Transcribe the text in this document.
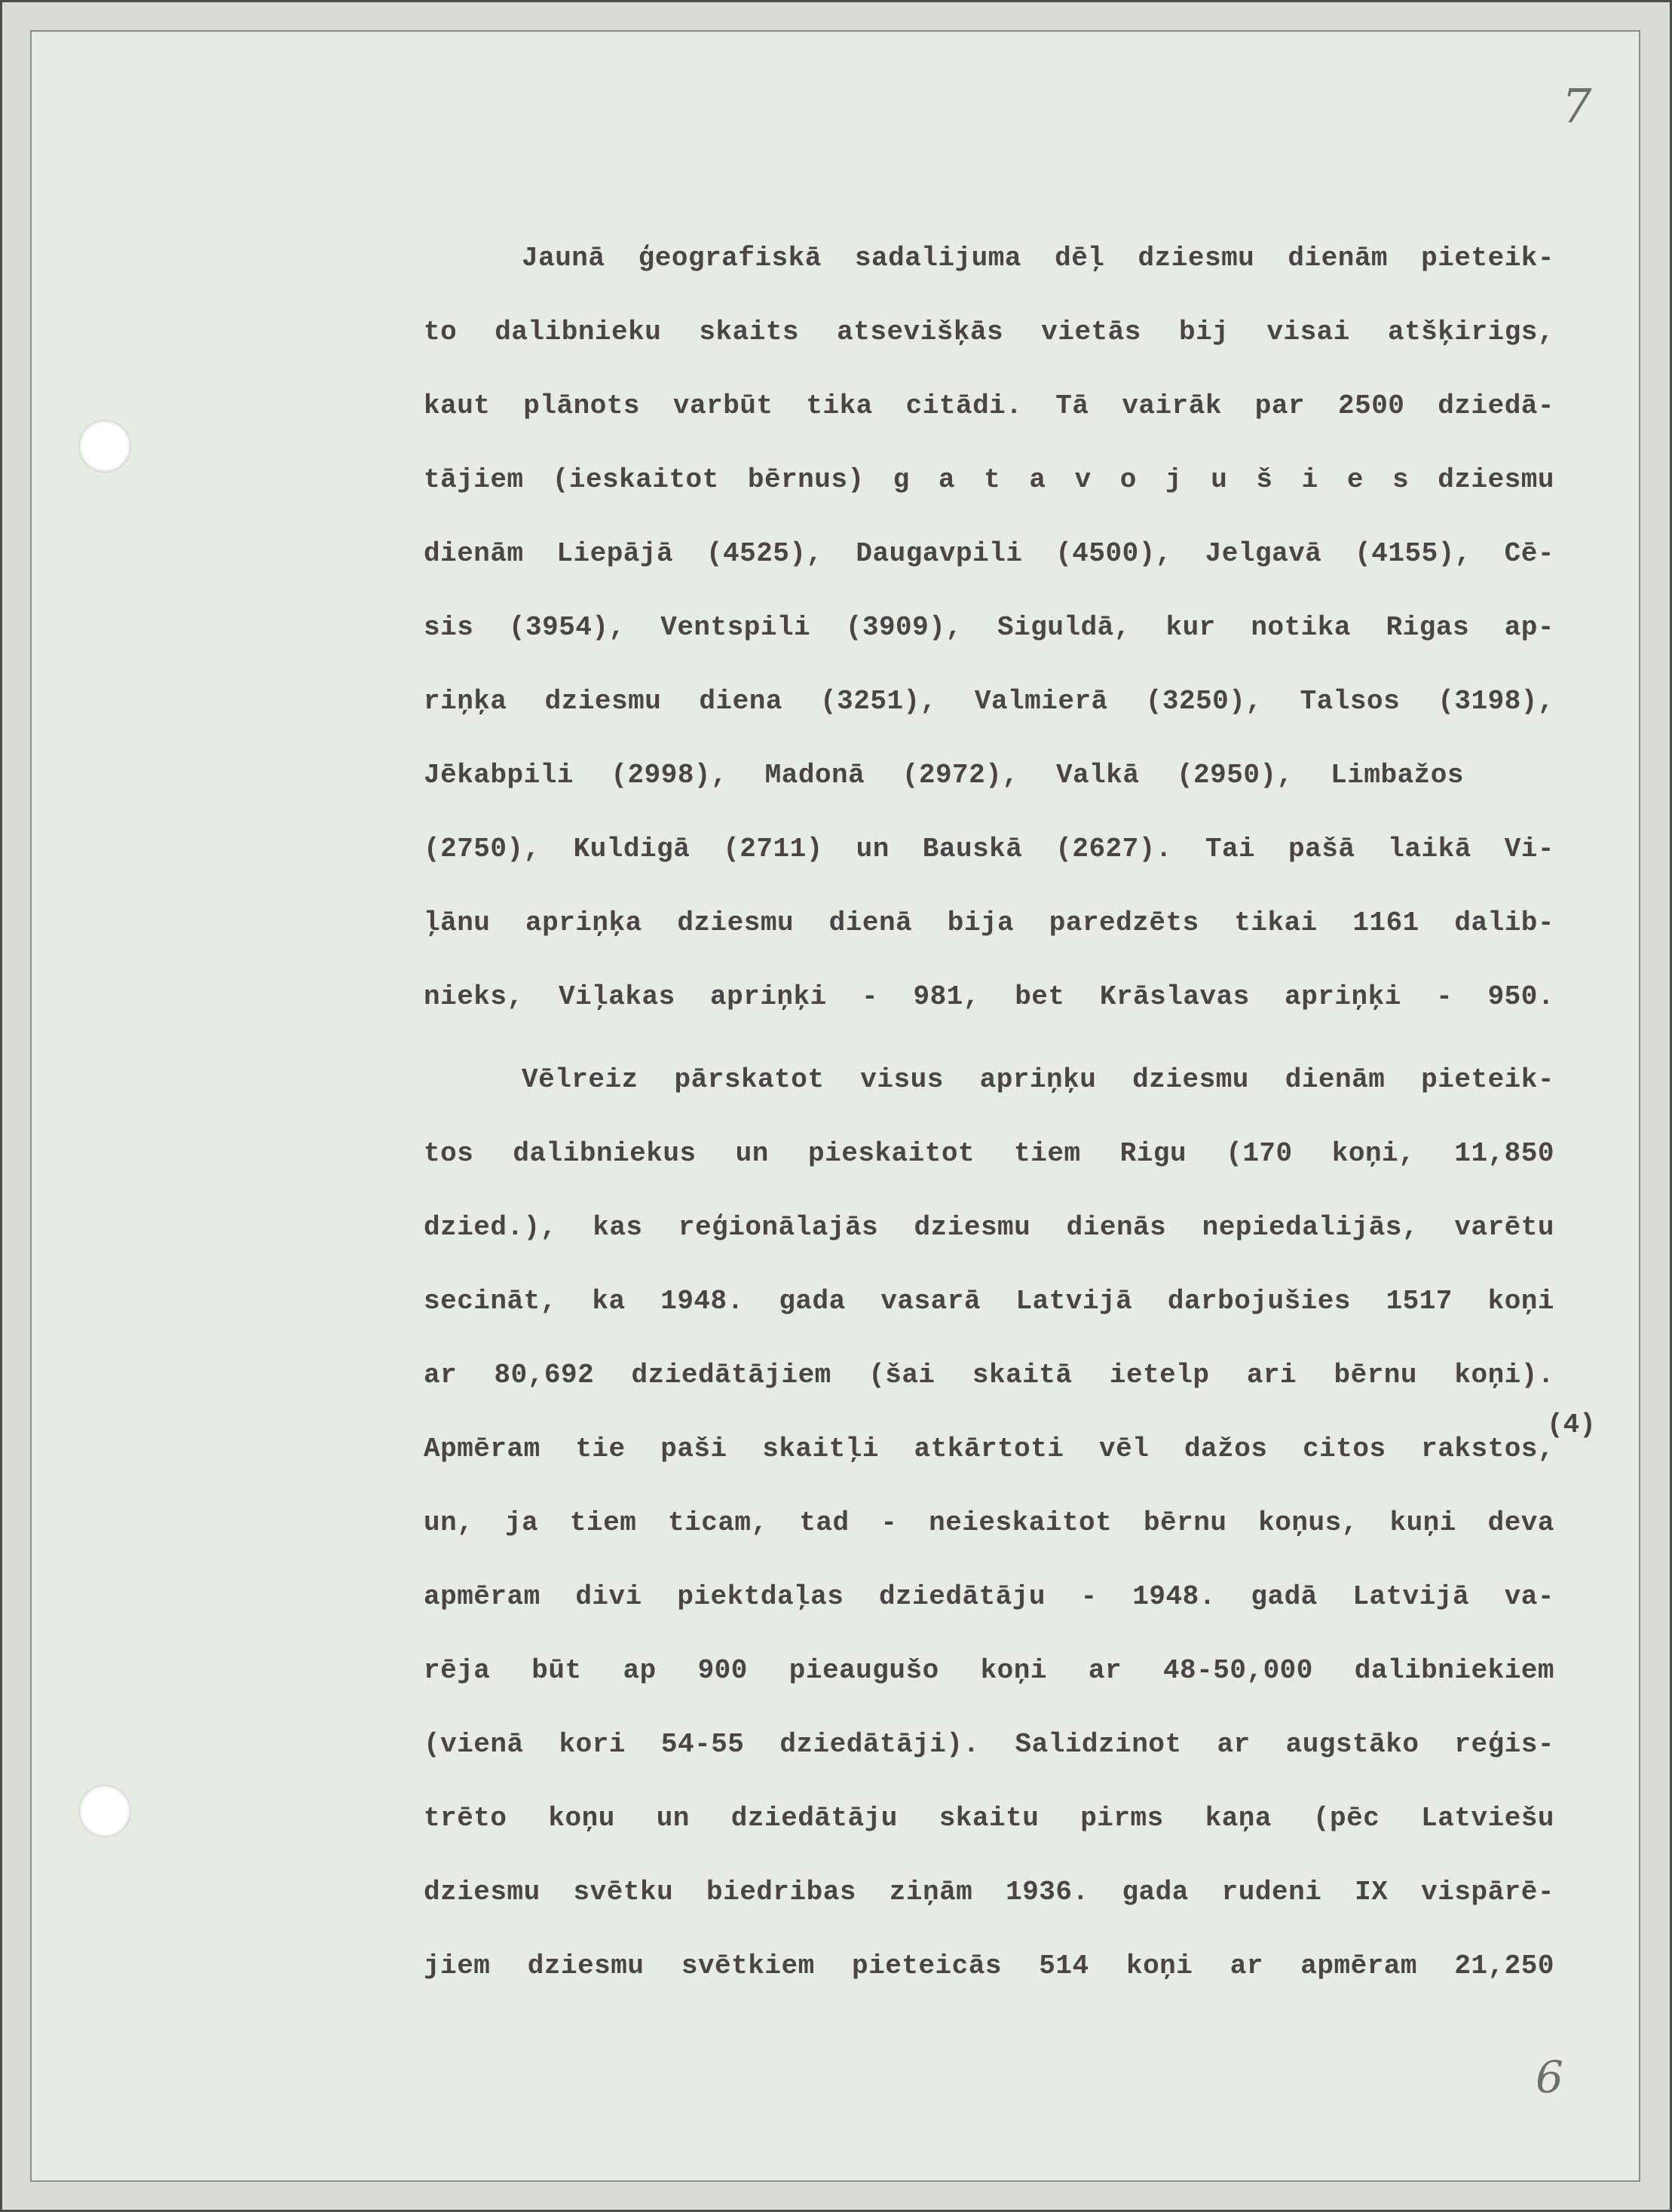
7
Jaunā ģeografiskā sadalijuma dēļ dziesmu dienām pieteik-
to dalibnieku skaits atsevišķās vietās bij visai atšķirigs,
kaut plānots varbūt tika citādi. Tā vairāk par 2500 dziedā-
tājiem (ieskaitot bērnus) g a t a v o j u š i e s dziesmu
dienām Liepājā (4525), Daugavpili (4500), Jelgavā (4155), Cē-
sis (3954), Ventspili (3909), Siguldā, kur notika Rigas ap-
riņķa dziesmu diena (3251), Valmierā (3250), Talsos (3198),
Jēkabpili (2998), Madonā (2972), Valkā (2950), Limbažos
(2750), Kuldigā (2711) un Bauskā (2627). Tai pašā laikā Vi-
ļānu apriņķa dziesmu dienā bija paredzēts tikai 1161 dalib-
nieks, Viļakas apriņķi - 981, bet Krāslavas apriņķi - 950.
Vēlreiz pārskatot visus apriņķu dziesmu dienām pieteik-
tos dalibniekus un pieskaitot tiem Rigu (170 koņi, 11,850
dzied.), kas reģionālajās dziesmu dienās nepiedalijās, varētu
secināt, ka 1948. gada vasarā Latvijā darbojušies 1517 koņi
ar 80,692 dziedātājiem (šai skaitā ietelp ari bērnu koņi).
Apmēram tie paši skaitļi atkārtoti vēl dažos citos rakstos,
un, ja tiem ticam, tad - neieskaitot bērnu koņus, kuņi deva
apmēram divi piektdaļas dziedātāju - 1948. gadā Latvijā va-
rēja būt ap 900 pieaugušo koņi ar 48-50,000 dalibniekiem
(vienā kori 54-55 dziedātāji). Salidzinot ar augstāko reģis-
trēto koņu un dziedātāju skaitu pirms kaņa (pēc Latviešu
dziesmu svētku biedribas ziņām 1936. gada rudeni IX vispārē-
jiem dziesmu svētkiem pieteicās 514 koņi ar apmēram 21,250
(4)
6
